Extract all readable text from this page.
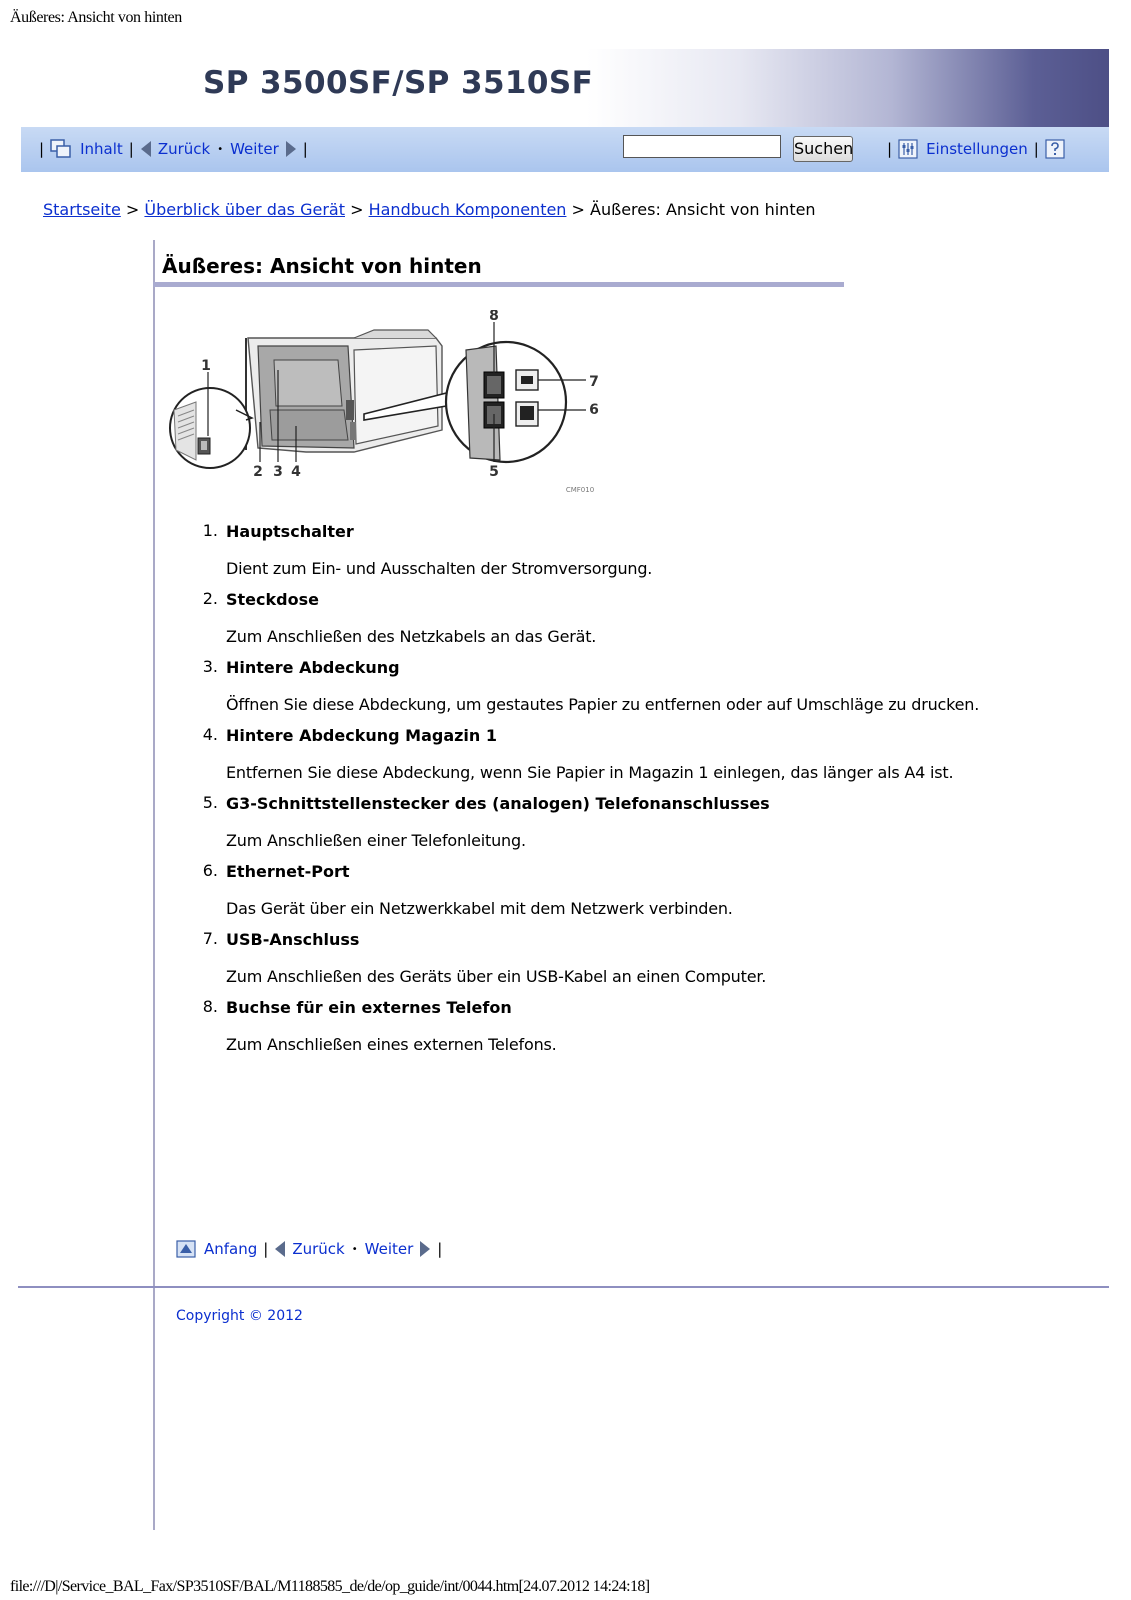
Äußeres: Ansicht von hinten
SP 3500SF/SP 3510SF
| Inhalt | Zurück • Weiter |	Suchen | Einstellungen |
Startseite > Überblick über das Gerät > Handbuch Komponenten > Äußeres: Ansicht von hinten
Äußeres: Ansicht von hinten
1
2 3 4	5
6
7
8
CMF010
1. Hauptschalter
Dient zum Ein- und Ausschalten der Stromversorgung.
2. Steckdose
Zum Anschließen des Netzkabels an das Gerät.
3. Hintere Abdeckung
Öffnen Sie diese Abdeckung, um gestautes Papier zu entfernen oder auf Umschläge zu drucken.
4. Hintere Abdeckung Magazin 1
Entfernen Sie diese Abdeckung, wenn Sie Papier in Magazin 1 einlegen, das länger als A4 ist.
5. G3-Schnittstellenstecker des (analogen) Telefonanschlusses
Zum Anschließen einer Telefonleitung.
6. Ethernet-Port
Das Gerät über ein Netzwerkkabel mit dem Netzwerk verbinden.
7. USB-Anschluss
Zum Anschließen des Geräts über ein USB-Kabel an einen Computer.
8. Buchse für ein externes Telefon
Zum Anschließen eines externen Telefons.
Anfang | Zurück • Weiter |
Copyright © 2012
file:///D|/Service_BAL_Fax/SP3510SF/BAL/M1188585_de/de/op_guide/int/0044.htm[24.07.2012 14:24:18]
